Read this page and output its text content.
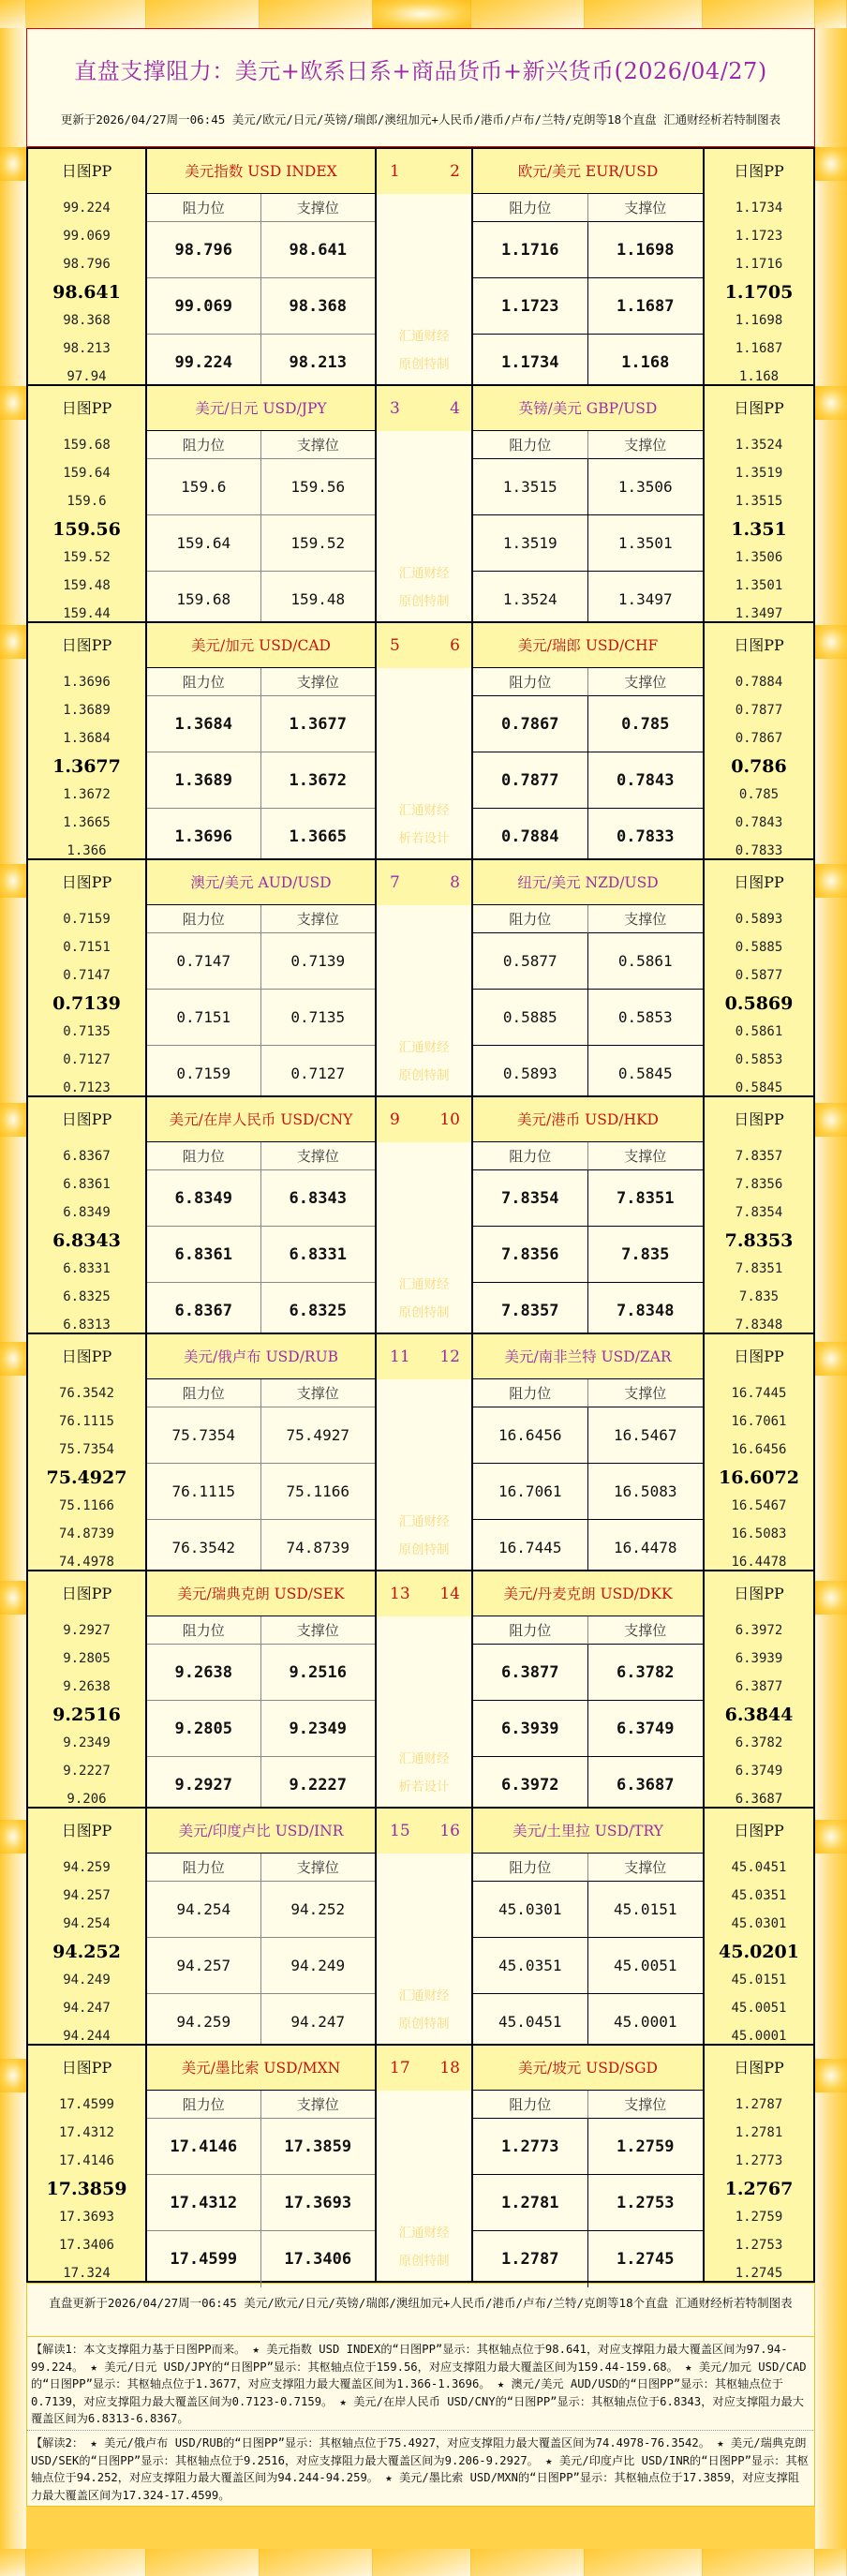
直盘支撑阻力：美元+欧系日系+商品货币+新兴货币(2026/04/27)
更新于2026/04/27周一06:45 美元/欧元/日元/英镑/瑞郎/澳纽加元+人民币/港币/卢布/兰特/克朗等18个直盘 汇通财经析若特制图表
日图PP
99.224
99.069
98.796
98.641
98.368
98.213
97.94
美元指数 USD INDEX
阻力位	支撑位
98.796	98.641
99.069	98.368
99.224	98.213
1	2
汇通财经
原创特制
欧元/美元 EUR/USD
阻力位	支撑位
1.1716	1.1698
1.1723	1.1687
1.1734	1.168
日图PP
1.1734
1.1723
1.1716
1.1705
1.1698
1.1687
1.168
日图PP
159.68
159.64
159.6
159.56
159.52
159.48
159.44
美元/日元 USD/JPY
阻力位	支撑位
159.6	159.56
159.64	159.52
159.68	159.48
3	4
汇通财经
原创特制
英镑/美元 GBP/USD
阻力位	支撑位
1.3515	1.3506
1.3519	1.3501
1.3524	1.3497
日图PP
1.3524
1.3519
1.3515
1.351
1.3506
1.3501
1.3497
日图PP
1.3696
1.3689
1.3684
1.3677
1.3672
1.3665
1.366
美元/加元 USD/CAD
阻力位	支撑位
1.3684	1.3677
1.3689	1.3672
1.3696	1.3665
5	6
汇通财经
析若设计
美元/瑞郎 USD/CHF
阻力位	支撑位
0.7867	0.785
0.7877	0.7843
0.7884	0.7833
日图PP
0.7884
0.7877
0.7867
0.786
0.785
0.7843
0.7833
日图PP
0.7159
0.7151
0.7147
0.7139
0.7135
0.7127
0.7123
澳元/美元 AUD/USD
阻力位	支撑位
0.7147	0.7139
0.7151	0.7135
0.7159	0.7127
7	8
汇通财经
原创特制
纽元/美元 NZD/USD
阻力位	支撑位
0.5877	0.5861
0.5885	0.5853
0.5893	0.5845
日图PP
0.5893
0.5885
0.5877
0.5869
0.5861
0.5853
0.5845
日图PP
6.8367
6.8361
6.8349
6.8343
6.8331
6.8325
6.8313
美元/在岸人民币 USD/CNY
阻力位	支撑位
6.8349	6.8343
6.8361	6.8331
6.8367	6.8325
9	10
汇通财经
原创特制
美元/港币 USD/HKD
阻力位	支撑位
7.8354	7.8351
7.8356	7.835
7.8357	7.8348
日图PP
7.8357
7.8356
7.8354
7.8353
7.8351
7.835
7.8348
日图PP
76.3542
76.1115
75.7354
75.4927
75.1166
74.8739
74.4978
美元/俄卢布 USD/RUB
阻力位	支撑位
75.7354	75.4927
76.1115	75.1166
76.3542	74.8739
11 12
汇通财经
原创特制
美元/南非兰特 USD/ZAR
阻力位	支撑位
16.6456	16.5467
16.7061	16.5083
16.7445	16.4478
日图PP
16.7445
16.7061
16.6456
16.6072
16.5467
16.5083
16.4478
日图PP
9.2927
9.2805
9.2638
9.2516
9.2349
9.2227
9.206
美元/瑞典克朗 USD/SEK
阻力位	支撑位
9.2638	9.2516
9.2805	9.2349
9.2927	9.2227
13 14
汇通财经
析若设计
美元/丹麦克朗 USD/DKK
阻力位	支撑位
6.3877	6.3782
6.3939	6.3749
6.3972	6.3687
日图PP
6.3972
6.3939
6.3877
6.3844
6.3782
6.3749
6.3687
日图PP
94.259
94.257
94.254
94.252
94.249
94.247
94.244
美元/印度卢比 USD/INR
阻力位	支撑位
94.254	94.252
94.257	94.249
94.259	94.247
15 16
汇通财经
原创特制
美元/土里拉 USD/TRY
阻力位	支撑位
45.0301	45.0151
45.0351	45.0051
45.0451	45.0001
日图PP
45.0451
45.0351
45.0301
45.0201
45.0151
45.0051
45.0001
日图PP
17.4599
17.4312
17.4146
17.3859
17.3693
17.3406
17.324
美元/墨比索 USD/MXN
阻力位	支撑位
17.4146	17.3859
17.4312	17.3693
17.4599	17.3406
17 18
汇通财经
原创特制
美元/坡元 USD/SGD
阻力位	支撑位
1.2773	1.2759
1.2781	1.2753
1.2787	1.2745
日图PP
1.2787
1.2781
1.2773
1.2767
1.2759
1.2753
1.2745
直盘更新于2026/04/27周一06:45 美元/欧元/日元/英镑/瑞郎/澳纽加元+人民币/港币/卢布/兰特/克朗等18个直盘 汇通财经析若特制图表
【解读1：本文支撑阻力基于日图PP而来。 ★ 美元指数 USD INDEX的“日图PP”显示：其枢轴点位于98.641，对应支撑阻力最大覆盖区间为97.94-99.224。 ★ 美元/日元 USD/JPY的“日图PP”显示：其枢轴点位于159.56，对应支撑阻力最大覆盖区间为159.44-159.68。 ★ 美元/加元 USD/CAD的“日图PP”显示：其枢轴点位于1.3677，对应支撑阻力最大覆盖区间为1.366-1.3696。 ★ 澳元/美元 AUD/USD的“日图PP”显示：其枢轴点位于0.7139，对应支撑阻力最大覆盖区间为0.7123-0.7159。 ★ 美元/在岸人民币 USD/CNY的“日图PP”显示：其枢轴点位于6.8343，对应支撑阻力最大覆盖区间为6.8313-6.8367。
【解读2： ★ 美元/俄卢布 USD/RUB的“日图PP”显示：其枢轴点位于75.4927，对应支撑阻力最大覆盖区间为74.4978-76.3542。 ★ 美元/瑞典克朗 USD/SEK的“日图PP”显示：其枢轴点位于9.2516，对应支撑阻力最大覆盖区间为9.206-9.2927。 ★ 美元/印度卢比 USD/INR的“日图PP”显示：其枢轴点位于94.252，对应支撑阻力最大覆盖区间为94.244-94.259。 ★ 美元/墨比索 USD/MXN的“日图PP”显示：其枢轴点位于17.3859，对应支撑阻力最大覆盖区间为17.324-17.4599。
